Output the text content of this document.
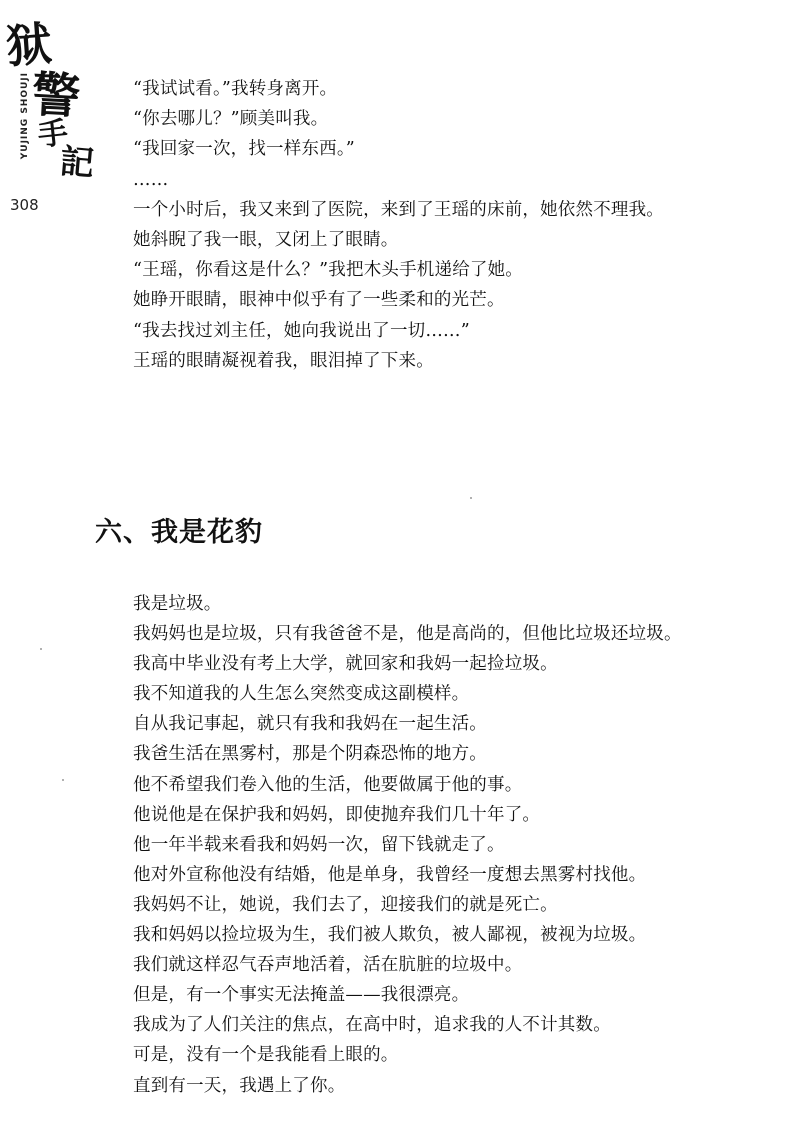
狱
警
手
記
YUJING SHOUJI
308

“我试试看。”我转身离开。

“你去哪儿？”顾美叫我。

“我回家一次，找一样东西。”

……

一个小时后，我又来到了医院，来到了王瑶的床前，她依然不理我。

她斜睨了我一眼，又闭上了眼睛。

“王瑶，你看这是什么？”我把木头手机递给了她。

她睁开眼睛，眼神中似乎有了一些柔和的光芒。

“我去找过刘主任，她向我说出了一切……”

王瑶的眼睛凝视着我，眼泪掉了下来。

六、我是花豹

我是垃圾。

我妈妈也是垃圾，只有我爸爸不是，他是高尚的，但他比垃圾还垃圾。

我高中毕业没有考上大学，就回家和我妈一起捡垃圾。

我不知道我的人生怎么突然变成这副模样。

自从我记事起，就只有我和我妈在一起生活。

我爸生活在黑雾村，那是个阴森恐怖的地方。

他不希望我们卷入他的生活，他要做属于他的事。

他说他是在保护我和妈妈，即使抛弃我们几十年了。

他一年半载来看我和妈妈一次，留下钱就走了。

他对外宣称他没有结婚，他是单身，我曾经一度想去黑雾村找他。

我妈妈不让，她说，我们去了，迎接我们的就是死亡。

我和妈妈以捡垃圾为生，我们被人欺负，被人鄙视，被视为垃圾。

我们就这样忍气吞声地活着，活在肮脏的垃圾中。

但是，有一个事实无法掩盖——我很漂亮。

我成为了人们关注的焦点，在高中时，追求我的人不计其数。

可是，没有一个是我能看上眼的。

直到有一天，我遇上了你。
